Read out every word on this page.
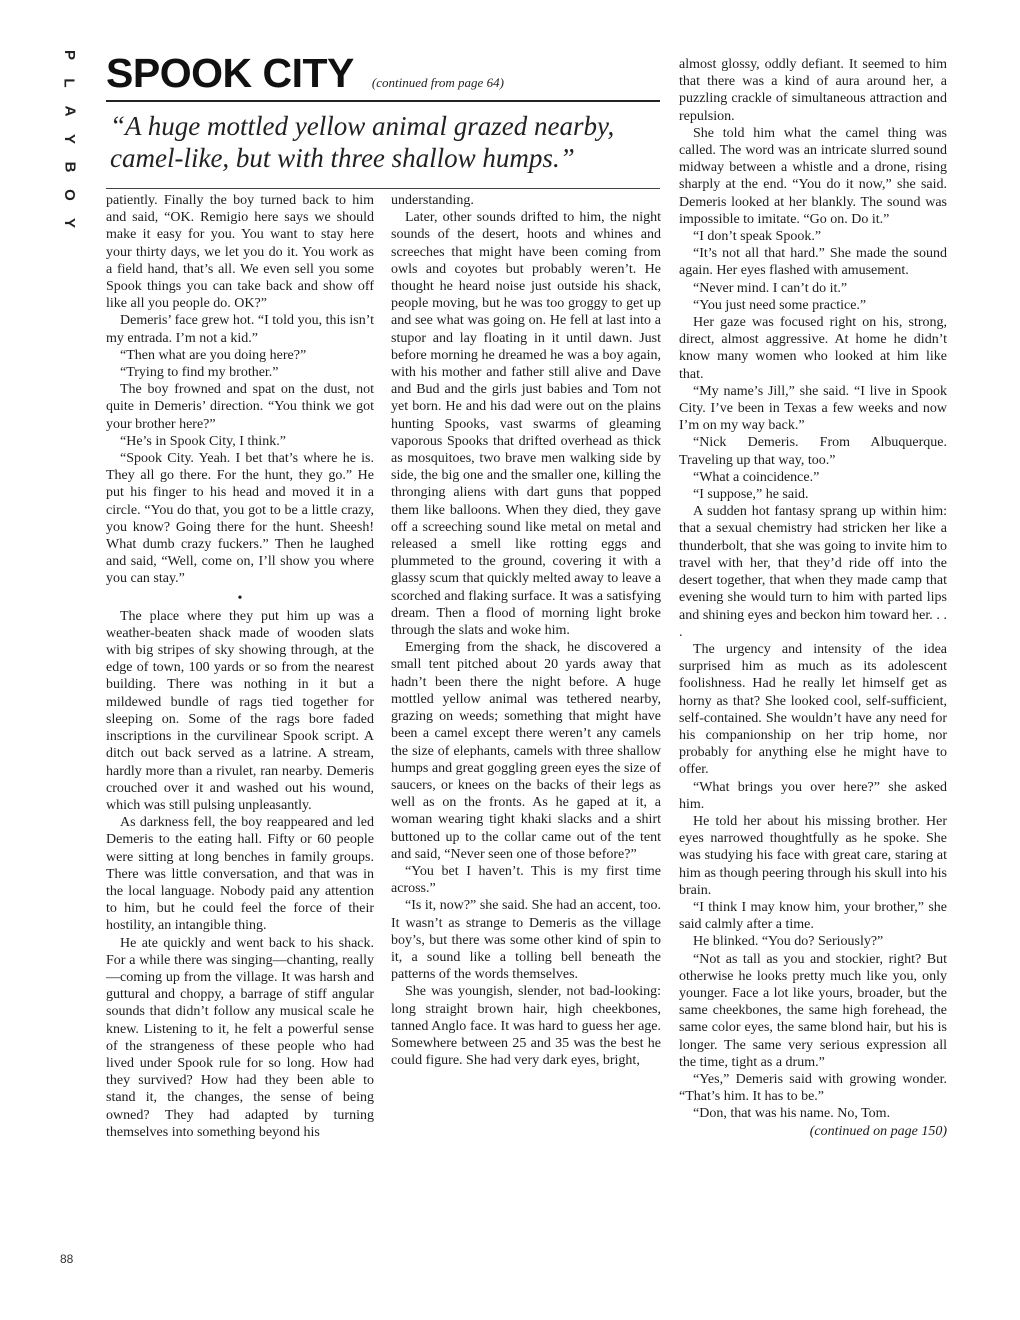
P
L
A
Y
B
O
Y
SPOOK CITY (continued from page 64)
“A huge mottled yellow animal grazed nearby, camel-like, but with three shallow humps.”

patiently. Finally the boy turned back to him and said, “OK. Remigio here says we should make it easy for you. You want to stay here your thirty days, we let you do it. You work as a field hand, that’s all. We even sell you some Spook things you can take back and show off like all you people do. OK?”

Demeris’ face grew hot. “I told you, this isn’t my entrada. I’m not a kid.”

“Then what are you doing here?”

“Trying to find my brother.”

The boy frowned and spat on the dust, not quite in Demeris’ direction. “You think we got your brother here?”

“He’s in Spook City, I think.”

“Spook City. Yeah. I bet that’s where he is. They all go there. For the hunt, they go.” He put his finger to his head and moved it in a circle. “You do that, you got to be a little crazy, you know? Going there for the hunt. Sheesh! What dumb crazy fuckers.” Then he laughed and said, “Well, come on, I’ll show you where you can stay.”

•

The place where they put him up was a weather-beaten shack made of wooden slats with big stripes of sky showing through, at the edge of town, 100 yards or so from the nearest building. There was nothing in it but a mildewed bundle of rags tied together for sleeping on. Some of the rags bore faded inscriptions in the curvilinear Spook script. A ditch out back served as a latrine. A stream, hardly more than a rivulet, ran nearby. Demeris crouched over it and washed out his wound, which was still pulsing unpleasantly.

As darkness fell, the boy reappeared and led Demeris to the eating hall. Fifty or 60 people were sitting at long benches in family groups. There was little conversation, and that was in the local language. Nobody paid any attention to him, but he could feel the force of their hostility, an intangible thing.

He ate quickly and went back to his shack. For a while there was singing—chanting, really—coming up from the village. It was harsh and guttural and choppy, a barrage of stiff angular sounds that didn’t follow any musical scale he knew. Listening to it, he felt a powerful sense of the strangeness of these people who had lived under Spook rule for so long. How had they survived? How had they been able to stand it, the changes, the sense of being owned? They had adapted by turning themselves into something beyond his

understanding.

Later, other sounds drifted to him, the night sounds of the desert, hoots and whines and screeches that might have been coming from owls and coyotes but probably weren’t. He thought he heard noise just outside his shack, people moving, but he was too groggy to get up and see what was going on. He fell at last into a stupor and lay floating in it until dawn. Just before morning he dreamed he was a boy again, with his mother and father still alive and Dave and Bud and the girls just babies and Tom not yet born. He and his dad were out on the plains hunting Spooks, vast swarms of gleaming vaporous Spooks that drifted overhead as thick as mosquitoes, two brave men walking side by side, the big one and the smaller one, killing the thronging aliens with dart guns that popped them like balloons. When they died, they gave off a screeching sound like metal on metal and released a smell like rotting eggs and plummeted to the ground, covering it with a glassy scum that quickly melted away to leave a scorched and flaking surface. It was a satisfying dream. Then a flood of morning light broke through the slats and woke him.

Emerging from the shack, he discovered a small tent pitched about 20 yards away that hadn’t been there the night before. A huge mottled yellow animal was tethered nearby, grazing on weeds; something that might have been a camel except there weren’t any camels the size of elephants, camels with three shallow humps and great goggling green eyes the size of saucers, or knees on the backs of their legs as well as on the fronts. As he gaped at it, a woman wearing tight khaki slacks and a shirt buttoned up to the collar came out of the tent and said, “Never seen one of those before?”

“You bet I haven’t. This is my first time across.”

“Is it, now?” she said. She had an accent, too. It wasn’t as strange to Demeris as the village boy’s, but there was some other kind of spin to it, a sound like a tolling bell beneath the patterns of the words themselves.

She was youngish, slender, not bad-looking: long straight brown hair, high cheekbones, tanned Anglo face. It was hard to guess her age. Somewhere between 25 and 35 was the best he could figure. She had very dark eyes, bright,

almost glossy, oddly defiant. It seemed to him that there was a kind of aura around her, a puzzling crackle of simultaneous attraction and repulsion.

She told him what the camel thing was called. The word was an intricate slurred sound midway between a whistle and a drone, rising sharply at the end. “You do it now,” she said. Demeris looked at her blankly. The sound was impossible to imitate. “Go on. Do it.”

“I don’t speak Spook.”

“It’s not all that hard.” She made the sound again. Her eyes flashed with amusement.

“Never mind. I can’t do it.”

“You just need some practice.”

Her gaze was focused right on his, strong, direct, almost aggressive. At home he didn’t know many women who looked at him like that.

“My name’s Jill,” she said. “I live in Spook City. I’ve been in Texas a few weeks and now I’m on my way back.”

“Nick Demeris. From Albuquerque. Traveling up that way, too.”

“What a coincidence.”

“I suppose,” he said.

A sudden hot fantasy sprang up within him: that a sexual chemistry had stricken her like a thunderbolt, that she was going to invite him to travel with her, that they’d ride off into the desert together, that when they made camp that evening she would turn to him with parted lips and shining eyes and beckon him toward her. . . .

The urgency and intensity of the idea surprised him as much as its adolescent foolishness. Had he really let himself get as horny as that? She looked cool, self-sufficient, self-contained. She wouldn’t have any need for his companionship on her trip home, nor probably for anything else he might have to offer.

“What brings you over here?” she asked him.

He told her about his missing brother. Her eyes narrowed thoughtfully as he spoke. She was studying his face with great care, staring at him as though peering through his skull into his brain.

“I think I may know him, your brother,” she said calmly after a time.

He blinked. “You do? Seriously?”

“Not as tall as you and stockier, right? But otherwise he looks pretty much like you, only younger. Face a lot like yours, broader, but the same cheekbones, the same high forehead, the same color eyes, the same blond hair, but his is longer. The same very serious expression all the time, tight as a drum.”

“Yes,” Demeris said with growing wonder. “That’s him. It has to be.”

“Don, that was his name. No, Tom.

(continued on page 150)

88
